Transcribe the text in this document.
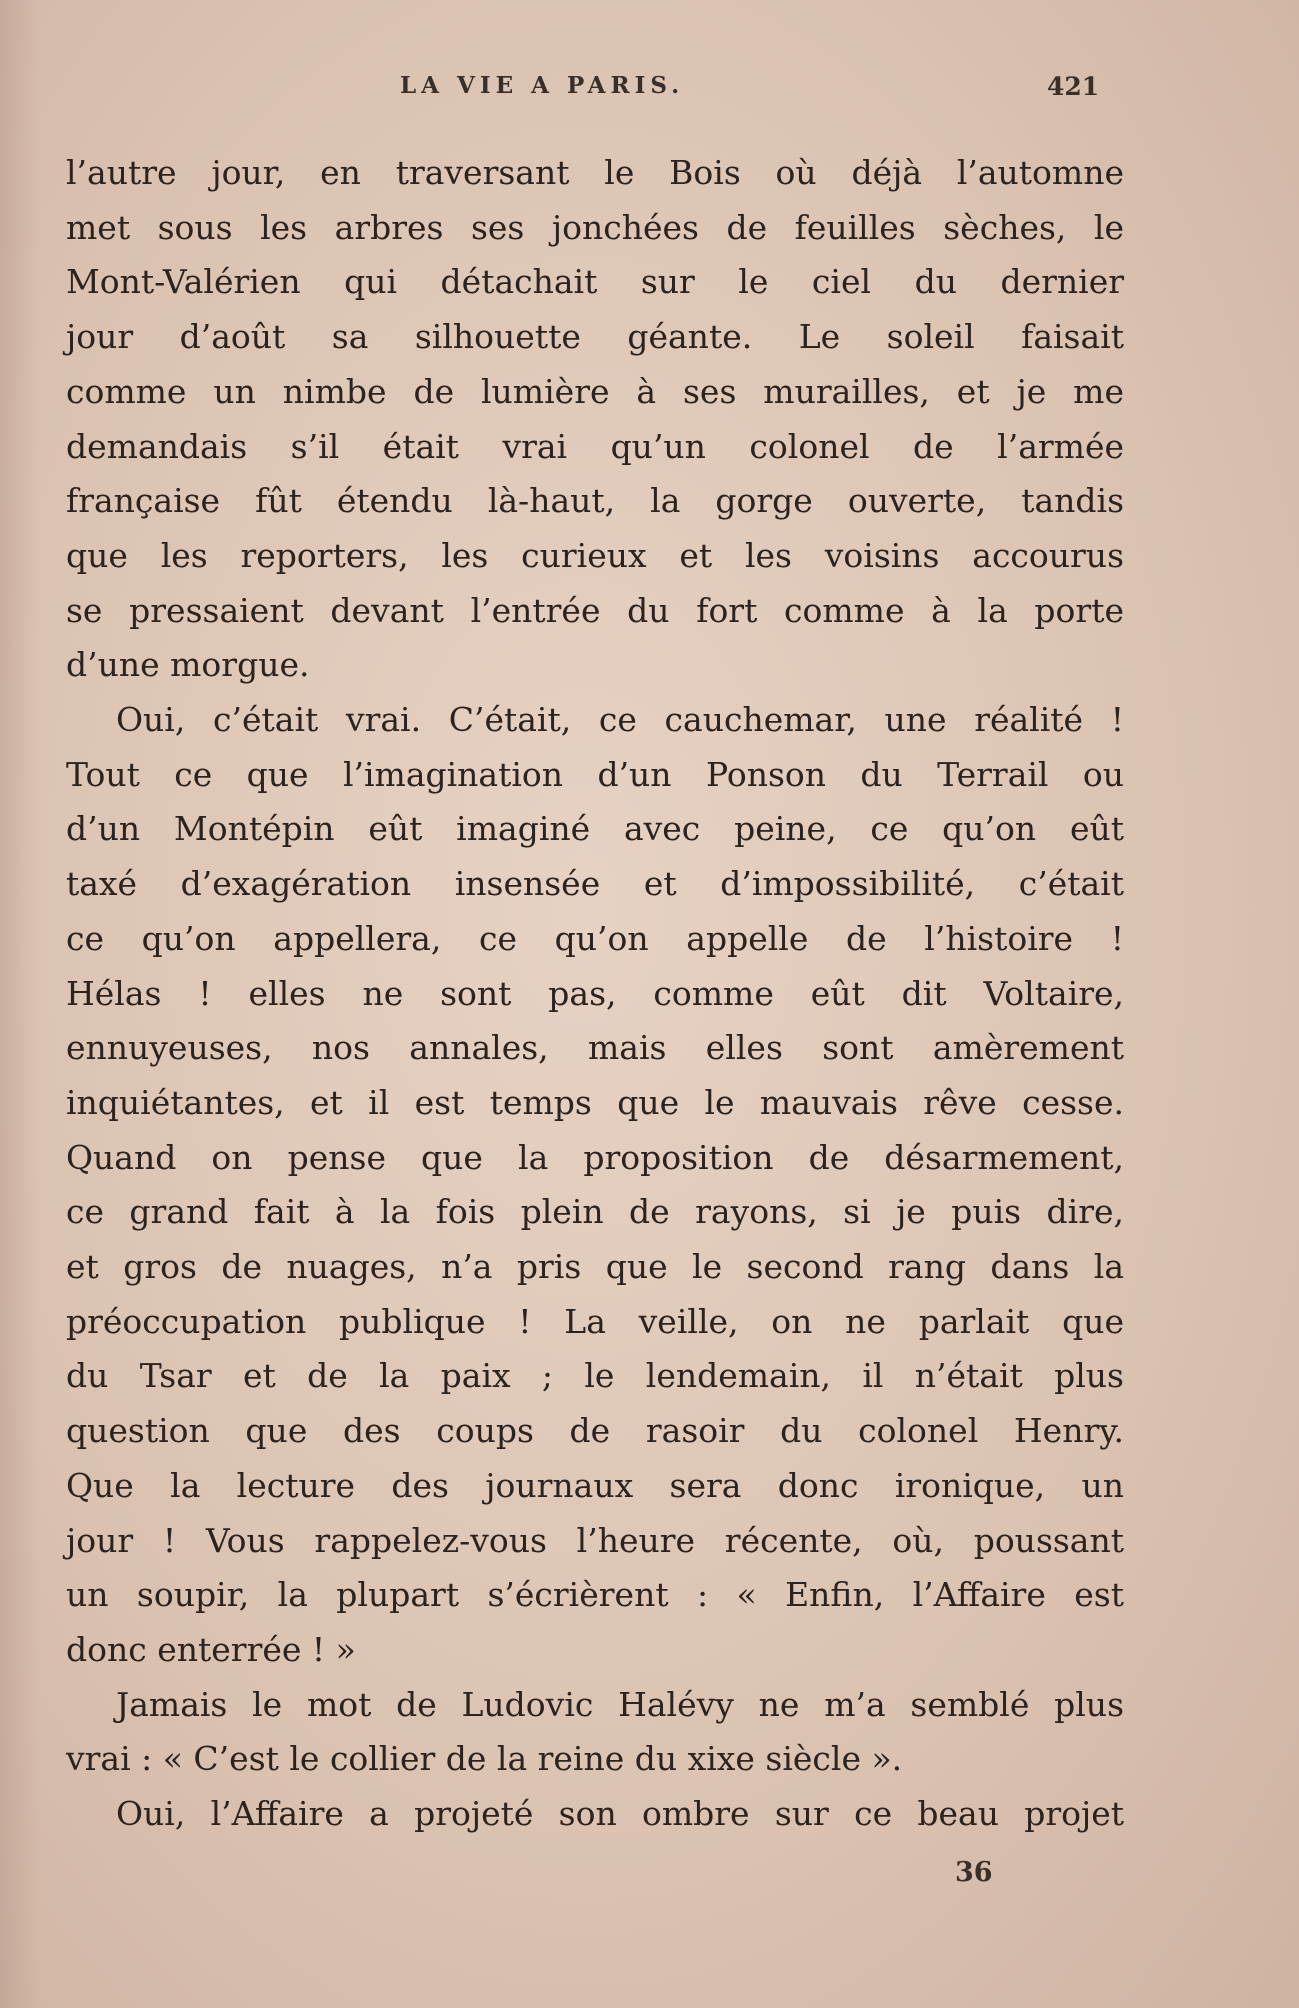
LA VIE A PARIS.	421
l’autre jour, en traversant le Bois où déjà l’automne
met sous les arbres ses jonchées de feuilles sèches, le
Mont-Valérien qui détachait sur le ciel du dernier
jour d’août sa silhouette géante. Le soleil faisait
comme un nimbe de lumière à ses murailles, et je me
demandais s’il était vrai qu’un colonel de l’armée
française fût étendu là-haut, la gorge ouverte, tandis
que les reporters, les curieux et les voisins accourus
se pressaient devant l’entrée du fort comme à la porte
d’une morgue.
Oui, c’était vrai. C’était, ce cauchemar, une réalité !
Tout ce que l’imagination d’un Ponson du Terrail ou
d’un Montépin eût imaginé avec peine, ce qu’on eût
taxé d’exagération insensée et d’impossibilité, c’était
ce qu’on appellera, ce qu’on appelle de l’histoire !
Hélas ! elles ne sont pas, comme eût dit Voltaire,
ennuyeuses, nos annales, mais elles sont amèrement
inquiétantes, et il est temps que le mauvais rêve cesse.
Quand on pense que la proposition de désarmement,
ce grand fait à la fois plein de rayons, si je puis dire,
et gros de nuages, n’a pris que le second rang dans la
préoccupation publique ! La veille, on ne parlait que
du Tsar et de la paix ; le lendemain, il n’était plus
question que des coups de rasoir du colonel Henry.
Que la lecture des journaux sera donc ironique, un
jour ! Vous rappelez-vous l’heure récente, où, poussant
un soupir, la plupart s’écrièrent : « Enfin, l’Affaire est
donc enterrée ! »
Jamais le mot de Ludovic Halévy ne m’a semblé plus
vrai : « C’est le collier de la reine du xixe siècle ».
Oui, l’Affaire a projeté son ombre sur ce beau projet
36
